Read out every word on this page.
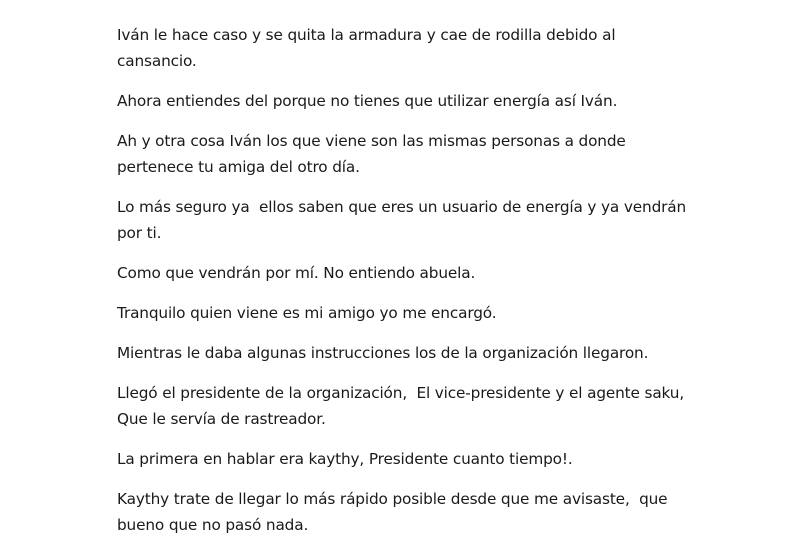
Iván le hace caso y se quita la armadura y cae de rodilla debido al
cansancio.

Ahora entiendes del porque no tienes que utilizar energía así Iván.

Ah y otra cosa Iván los que viene son las mismas personas a donde
pertenece tu amiga del otro día.

Lo más seguro ya  ellos saben que eres un usuario de energía y ya vendrán
por ti.

Como que vendrán por mí. No entiendo abuela.

Tranquilo quien viene es mi amigo yo me encargó.

Mientras le daba algunas instrucciones los de la organización llegaron.

Llegó el presidente de la organización,  El vice-presidente y el agente saku,
Que le servía de rastreador.

La primera en hablar era kaythy, Presidente cuanto tiempo!.

Kaythy trate de llegar lo más rápido posible desde que me avisaste,  que
bueno que no pasó nada.
